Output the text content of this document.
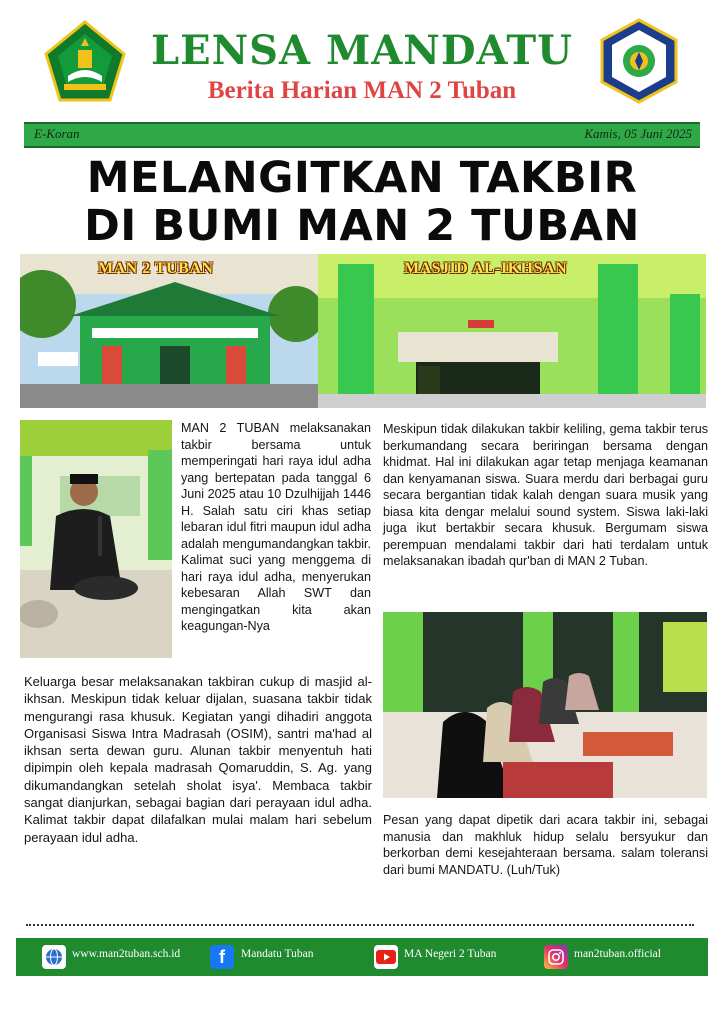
LENSA MANDATU
Berita Harian MAN 2 Tuban
E-Koran	Kamis, 05 Juni 2025
MELANGITKAN TAKBIR
DI BUMI MAN 2 TUBAN
MAN 2 TUBAN	MASJID AL-IKHSAN
MAN 2 TUBAN melaksanakan takbir bersama untuk memperingati hari raya idul adha yang bertepatan pada tanggal 6 Juni 2025 atau 10 Dzulhijjah 1446 H. Salah satu ciri khas setiap lebaran idul fitri maupun idul adha adalah mengumandangkan takbir. Kalimat suci yang menggema di hari raya idul adha, menyerukan kebesaran Allah SWT dan mengingatkan kita akan keagungan-Nya
Keluarga besar melaksanakan takbiran cukup di masjid al-ikhsan. Meskipun tidak keluar dijalan, suasana takbir tidak mengurangi rasa khusuk. Kegiatan yangi dihadiri anggota Organisasi Siswa Intra Madrasah (OSIM), santri ma'had al ikhsan serta dewan guru. Alunan takbir menyentuh hati dipimpin oleh kepala madrasah Qomaruddin, S. Ag. yang dikumandangkan setelah sholat isya'. Membaca takbir sangat dianjurkan, sebagai bagian dari perayaan idul adha. Kalimat takbir dapat dilafalkan mulai malam hari sebelum perayaan idul adha.
Meskipun tidak dilakukan takbir keliling, gema takbir terus berkumandang secara beriringan bersama dengan khidmat. Hal ini dilakukan agar tetap menjaga keamanan dan kenyamanan siswa. Suara merdu dari berbagai guru secara bergantian tidak kalah dengan suara musik yang biasa kita dengar melalui sound system. Siswa laki-laki juga ikut bertakbir secara khusuk. Bergumam siswa perempuan mendalami takbir dari hati terdalam untuk melaksanakan ibadah qur'ban di MAN 2 Tuban.
Pesan yang dapat dipetik dari acara takbir ini, sebagai manusia dan makhluk hidup selalu bersyukur dan berkorban demi kesejahteraan bersama. salam toleransi dari bumi MANDATU. (Luh/Tuk)
www.man2tuban.sch.id f Mandatu Tuban	MA Negeri 2 Tuban	man2tuban.official
